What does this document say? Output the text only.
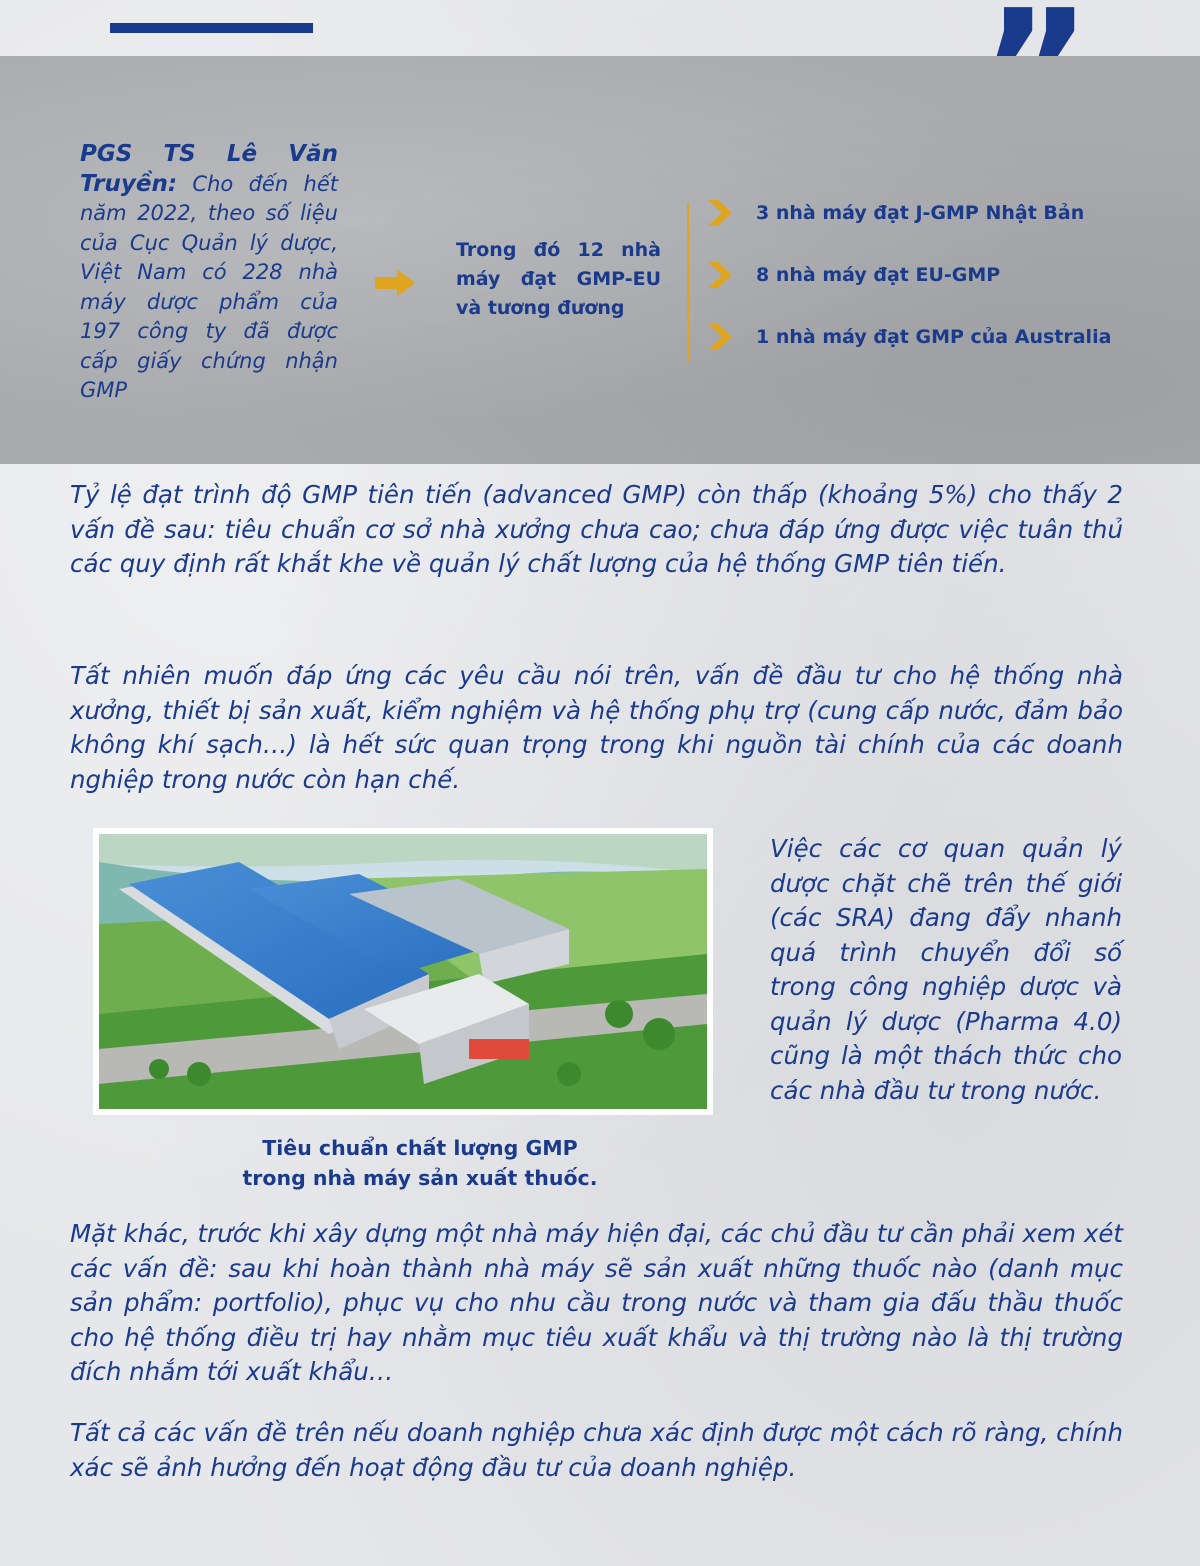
PGS TS Lê Văn Truyền: Cho đến hết năm 2022, theo số liệu của Cục Quản lý dược, Việt Nam có 228 nhà máy dược phẩm của 197 công ty đã được cấp giấy chứng nhận GMP
Trong đó 12 nhà máy đạt GMP-EU và tương đương
3 nhà máy đạt J-GMP Nhật Bản
8 nhà máy đạt EU-GMP
1 nhà máy đạt GMP của Australia

Tỷ lệ đạt trình độ GMP tiên tiến (advanced GMP) còn thấp (khoảng 5%) cho thấy 2 vấn đề sau: tiêu chuẩn cơ sở nhà xưởng chưa cao; chưa đáp ứng được việc tuân thủ các quy định rất khắt khe về quản lý chất lượng của hệ thống GMP tiên tiến.

Tất nhiên muốn đáp ứng các yêu cầu nói trên, vấn đề đầu tư cho hệ thống nhà xưởng, thiết bị sản xuất, kiểm nghiệm và hệ thống phụ trợ (cung cấp nước, đảm bảo không khí sạch…) là hết sức quan trọng trong khi nguồn tài chính của các doanh nghiệp trong nước còn hạn chế.

Tiêu chuẩn chất lượng GMP
trong nhà máy sản xuất thuốc.
Việc các cơ quan quản lý dược chặt chẽ trên thế giới (các SRA) đang đẩy nhanh quá trình chuyển đổi số trong công nghiệp dược và quản lý dược (Pharma 4.0) cũng là một thách thức cho các nhà đầu tư trong nước.

Mặt khác, trước khi xây dựng một nhà máy hiện đại, các chủ đầu tư cần phải xem xét các vấn đề: sau khi hoàn thành nhà máy sẽ sản xuất những thuốc nào (danh mục sản phẩm: portfolio), phục vụ cho nhu cầu trong nước và tham gia đấu thầu thuốc cho hệ thống điều trị hay nhằm mục tiêu xuất khẩu và thị trường nào là thị trường đích nhắm tới xuất khẩu…

Tất cả các vấn đề trên nếu doanh nghiệp chưa xác định được một cách rõ ràng, chính xác sẽ ảnh hưởng đến hoạt động đầu tư của doanh nghiệp.
